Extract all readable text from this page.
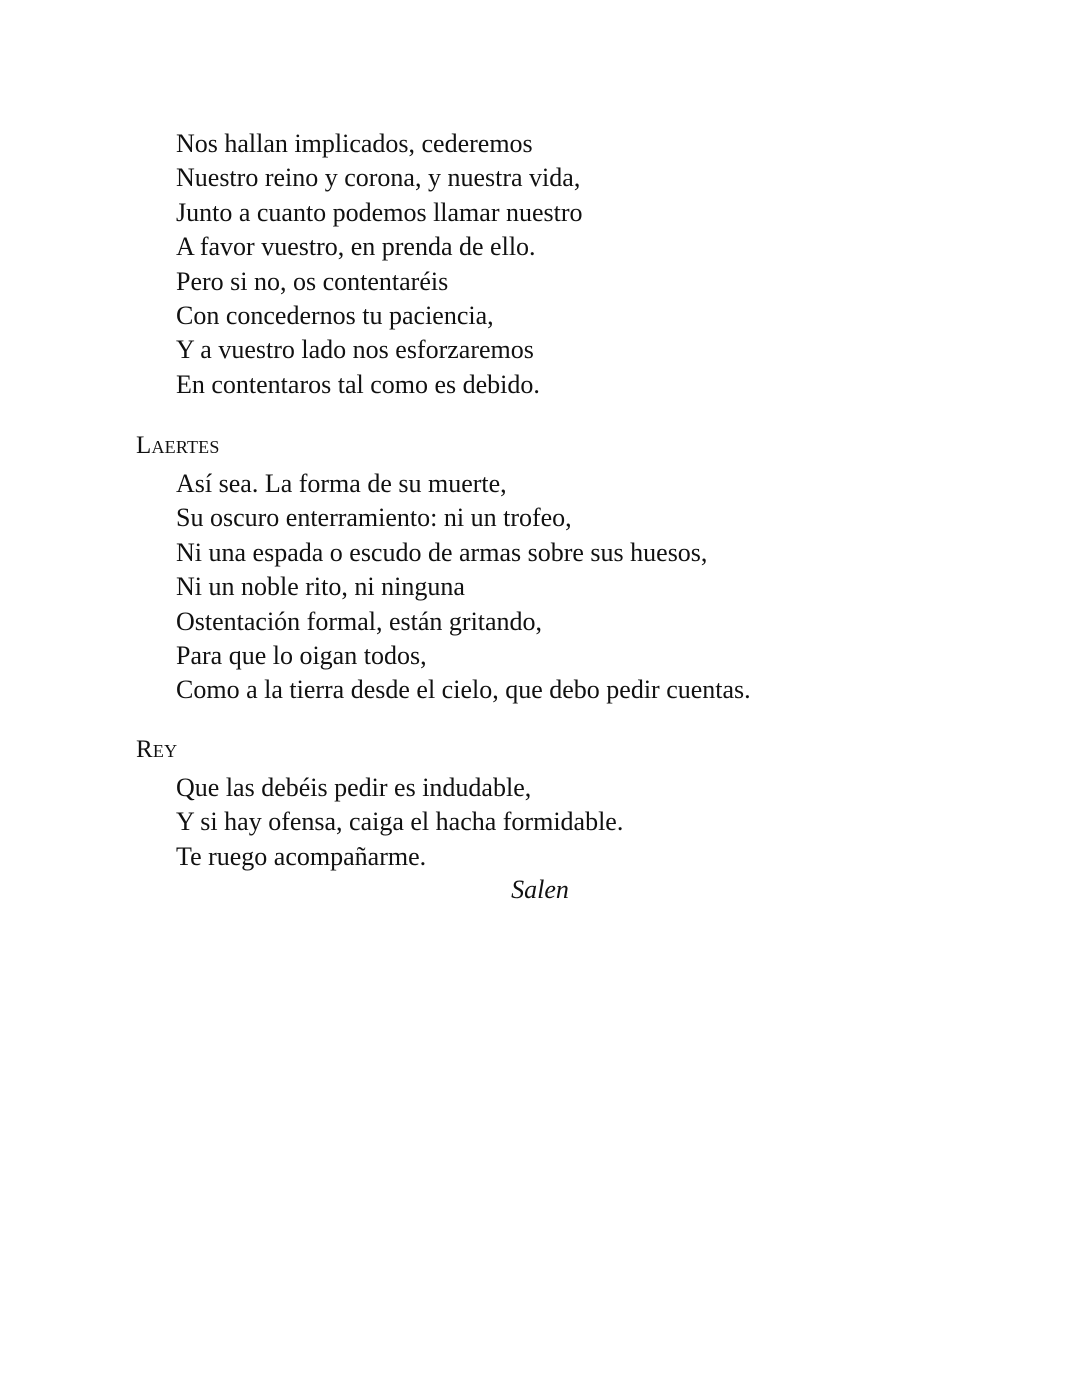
Nos hallan implicados, cederemos
Nuestro reino y corona, y nuestra vida,
Junto a cuanto podemos llamar nuestro
A favor vuestro, en prenda de ello.
Pero si no, os contentaréis
Con concedernos tu paciencia,
Y a vuestro lado nos esforzaremos
En contentaros tal como es debido.
Laertes
Así sea. La forma de su muerte,
Su oscuro enterramiento: ni un trofeo,
Ni una espada o escudo de armas sobre sus huesos,
Ni un noble rito, ni ninguna
Ostentación formal, están gritando,
Para que lo oigan todos,
Como a la tierra desde el cielo, que debo pedir cuentas.
Rey
Que las debéis pedir es indudable,
Y si hay ofensa, caiga el hacha formidable.
Te ruego acompañarme.
Salen
